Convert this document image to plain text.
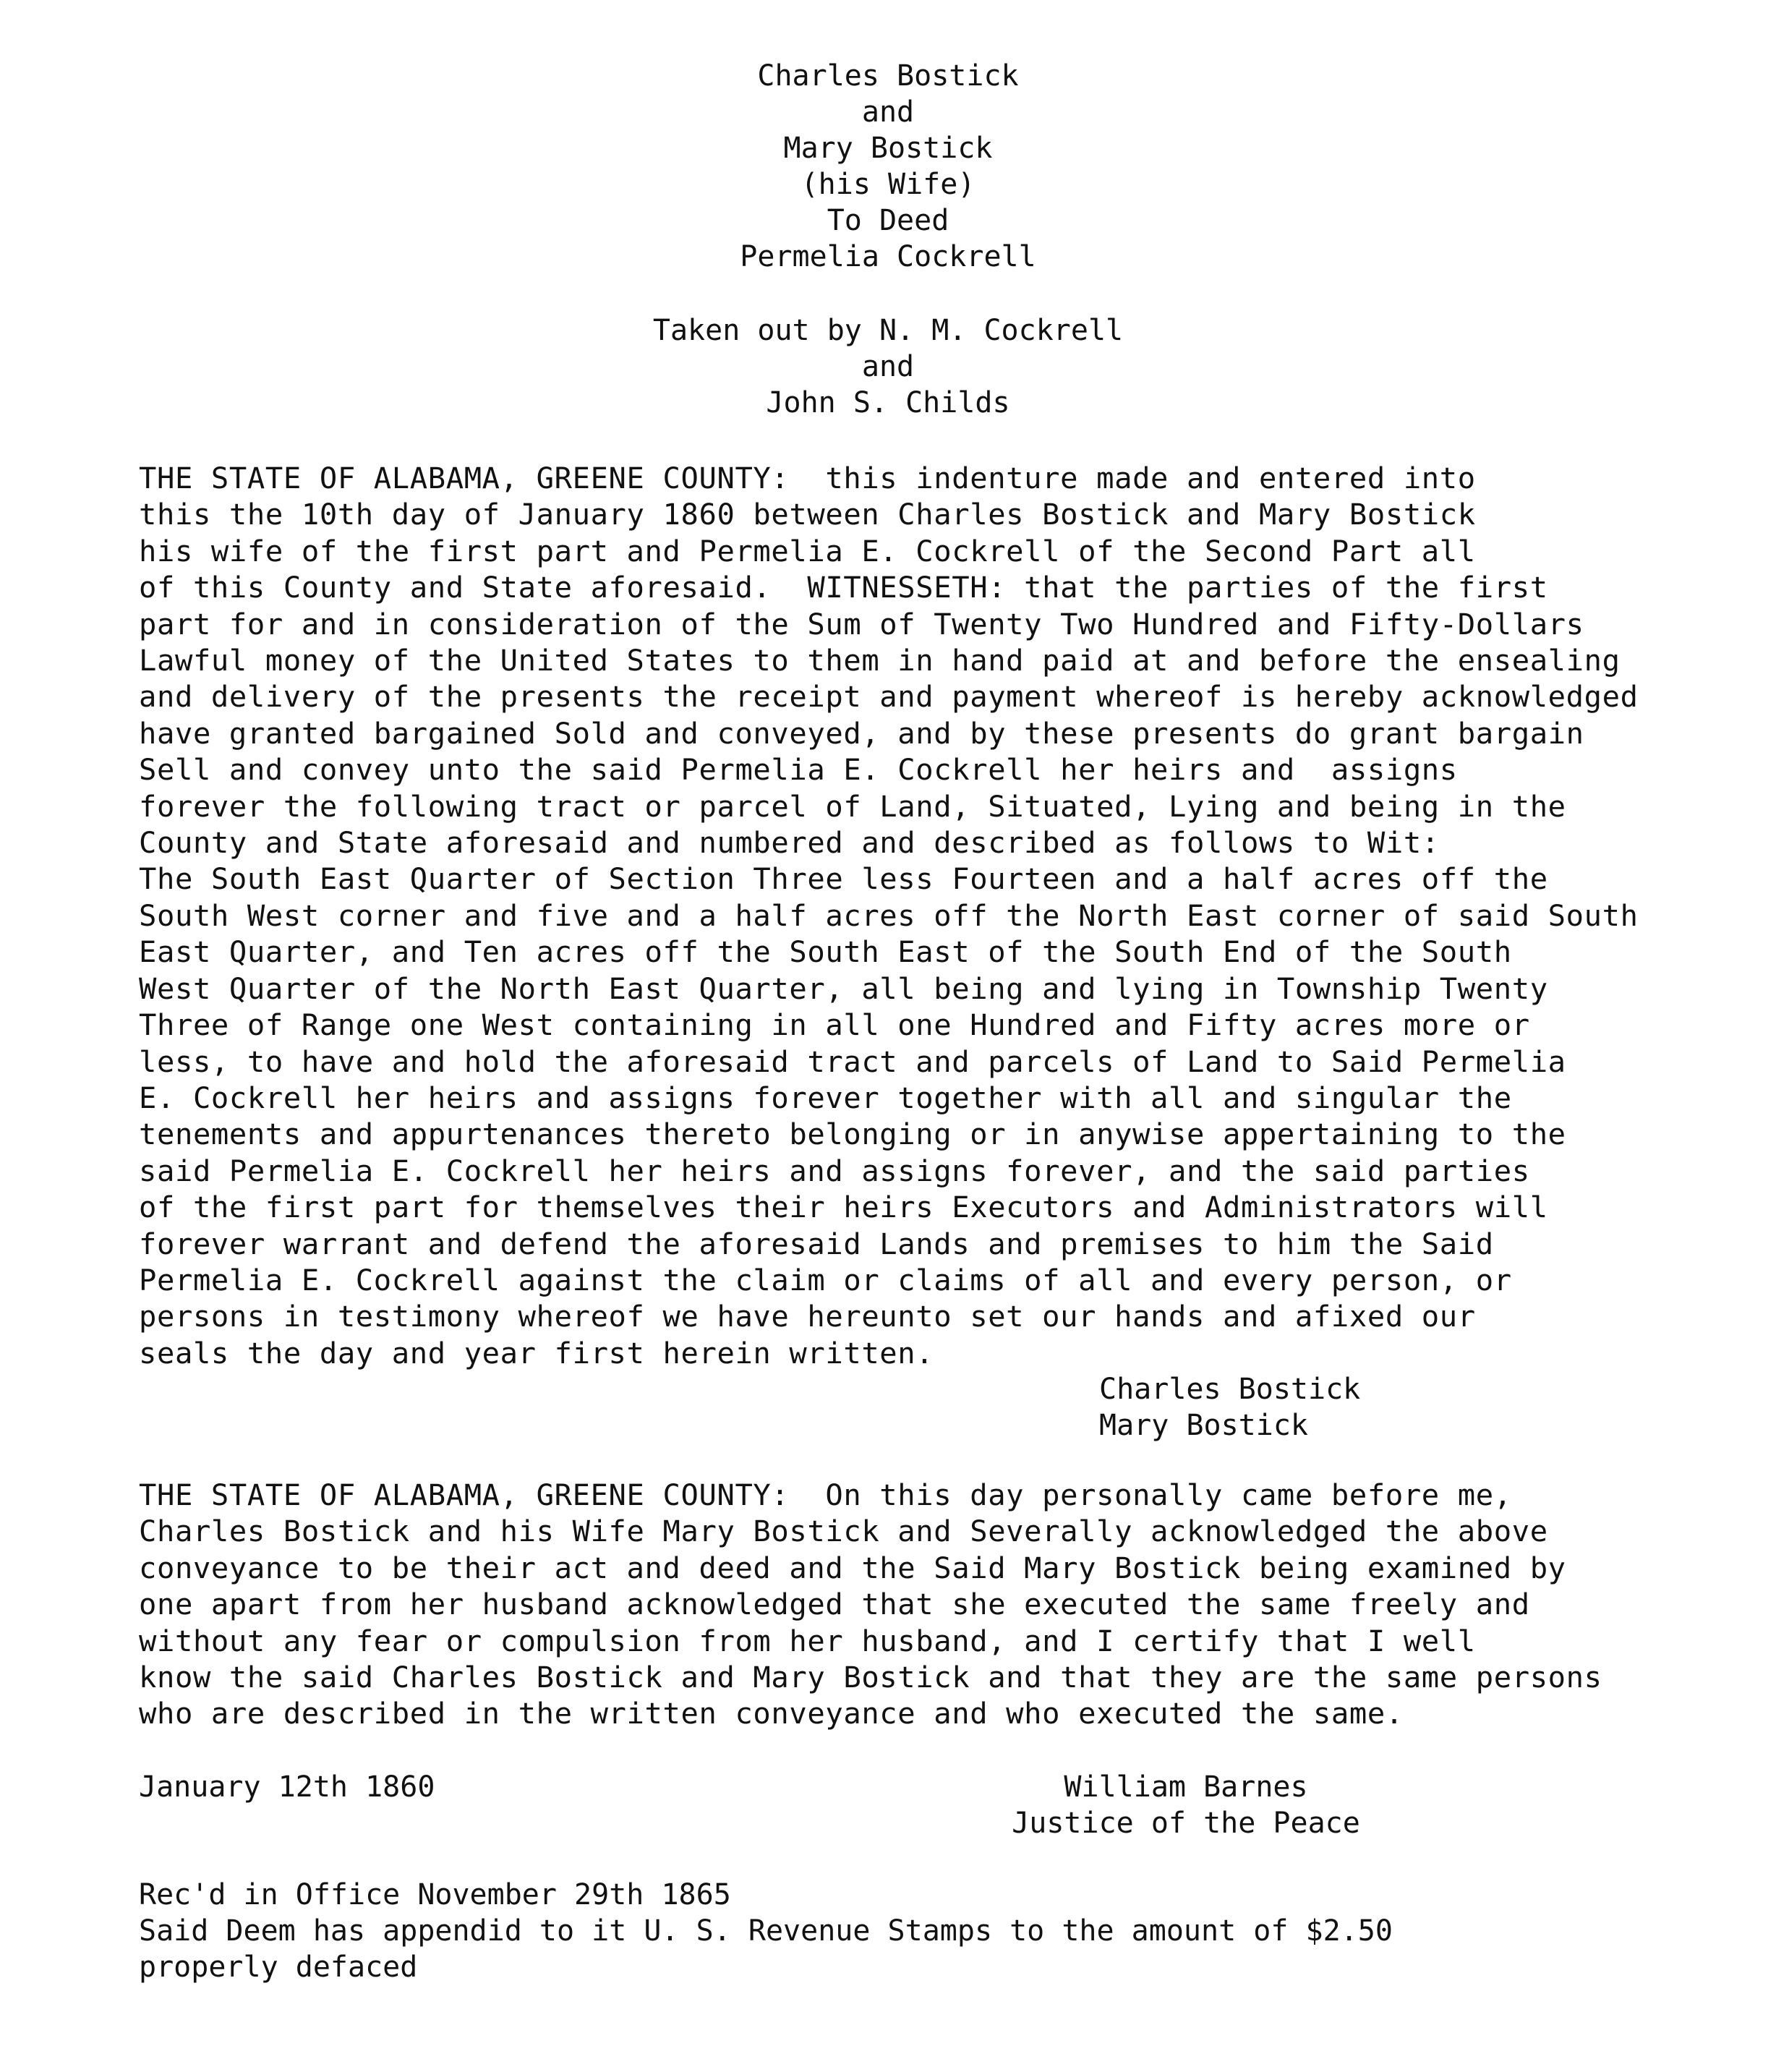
Charles Bostick
and
Mary Bostick
(his Wife)
To Deed
Permelia Cockrell
Taken out by N. M. Cockrell
and
John S. Childs
THE STATE OF ALABAMA, GREENE COUNTY:  this indenture made and entered into
this the 10th day of January 1860 between Charles Bostick and Mary Bostick
his wife of the first part and Permelia E. Cockrell of the Second Part all
of this County and State aforesaid.  WITNESSETH: that the parties of the first
part for and in consideration of the Sum of Twenty Two Hundred and Fifty-Dollars
Lawful money of the United States to them in hand paid at and before the ensealing
and delivery of the presents the receipt and payment whereof is hereby acknowledged
have granted bargained Sold and conveyed, and by these presents do grant bargain
Sell and convey unto the said Permelia E. Cockrell her heirs and  assigns
forever the following tract or parcel of Land, Situated, Lying and being in the
County and State aforesaid and numbered and described as follows to Wit:
The South East Quarter of Section Three less Fourteen and a half acres off the
South West corner and five and a half acres off the North East corner of said South
East Quarter, and Ten acres off the South East of the South End of the South
West Quarter of the North East Quarter, all being and lying in Township Twenty
Three of Range one West containing in all one Hundred and Fifty acres more or
less, to have and hold the aforesaid tract and parcels of Land to Said Permelia
E. Cockrell her heirs and assigns forever together with all and singular the
tenements and appurtenances thereto belonging or in anywise appertaining to the
said Permelia E. Cockrell her heirs and assigns forever, and the said parties
of the first part for themselves their heirs Executors and Administrators will
forever warrant and defend the aforesaid Lands and premises to him the Said
Permelia E. Cockrell against the claim or claims of all and every person, or
persons in testimony whereof we have hereunto set our hands and afixed our
seals the day and year first herein written.
Charles Bostick
Mary Bostick
THE STATE OF ALABAMA, GREENE COUNTY:  On this day personally came before me,
Charles Bostick and his Wife Mary Bostick and Severally acknowledged the above
conveyance to be their act and deed and the Said Mary Bostick being examined by
one apart from her husband acknowledged that she executed the same freely and
without any fear or compulsion from her husband, and I certify that I well
know the said Charles Bostick and Mary Bostick and that they are the same persons
who are described in the written conveyance and who executed the same.
January 12th 1860	William Barnes
Justice of the Peace
Rec'd in Office November 29th 1865
Said Deem has appendid to it U. S. Revenue Stamps to the amount of $2.50
properly defaced
